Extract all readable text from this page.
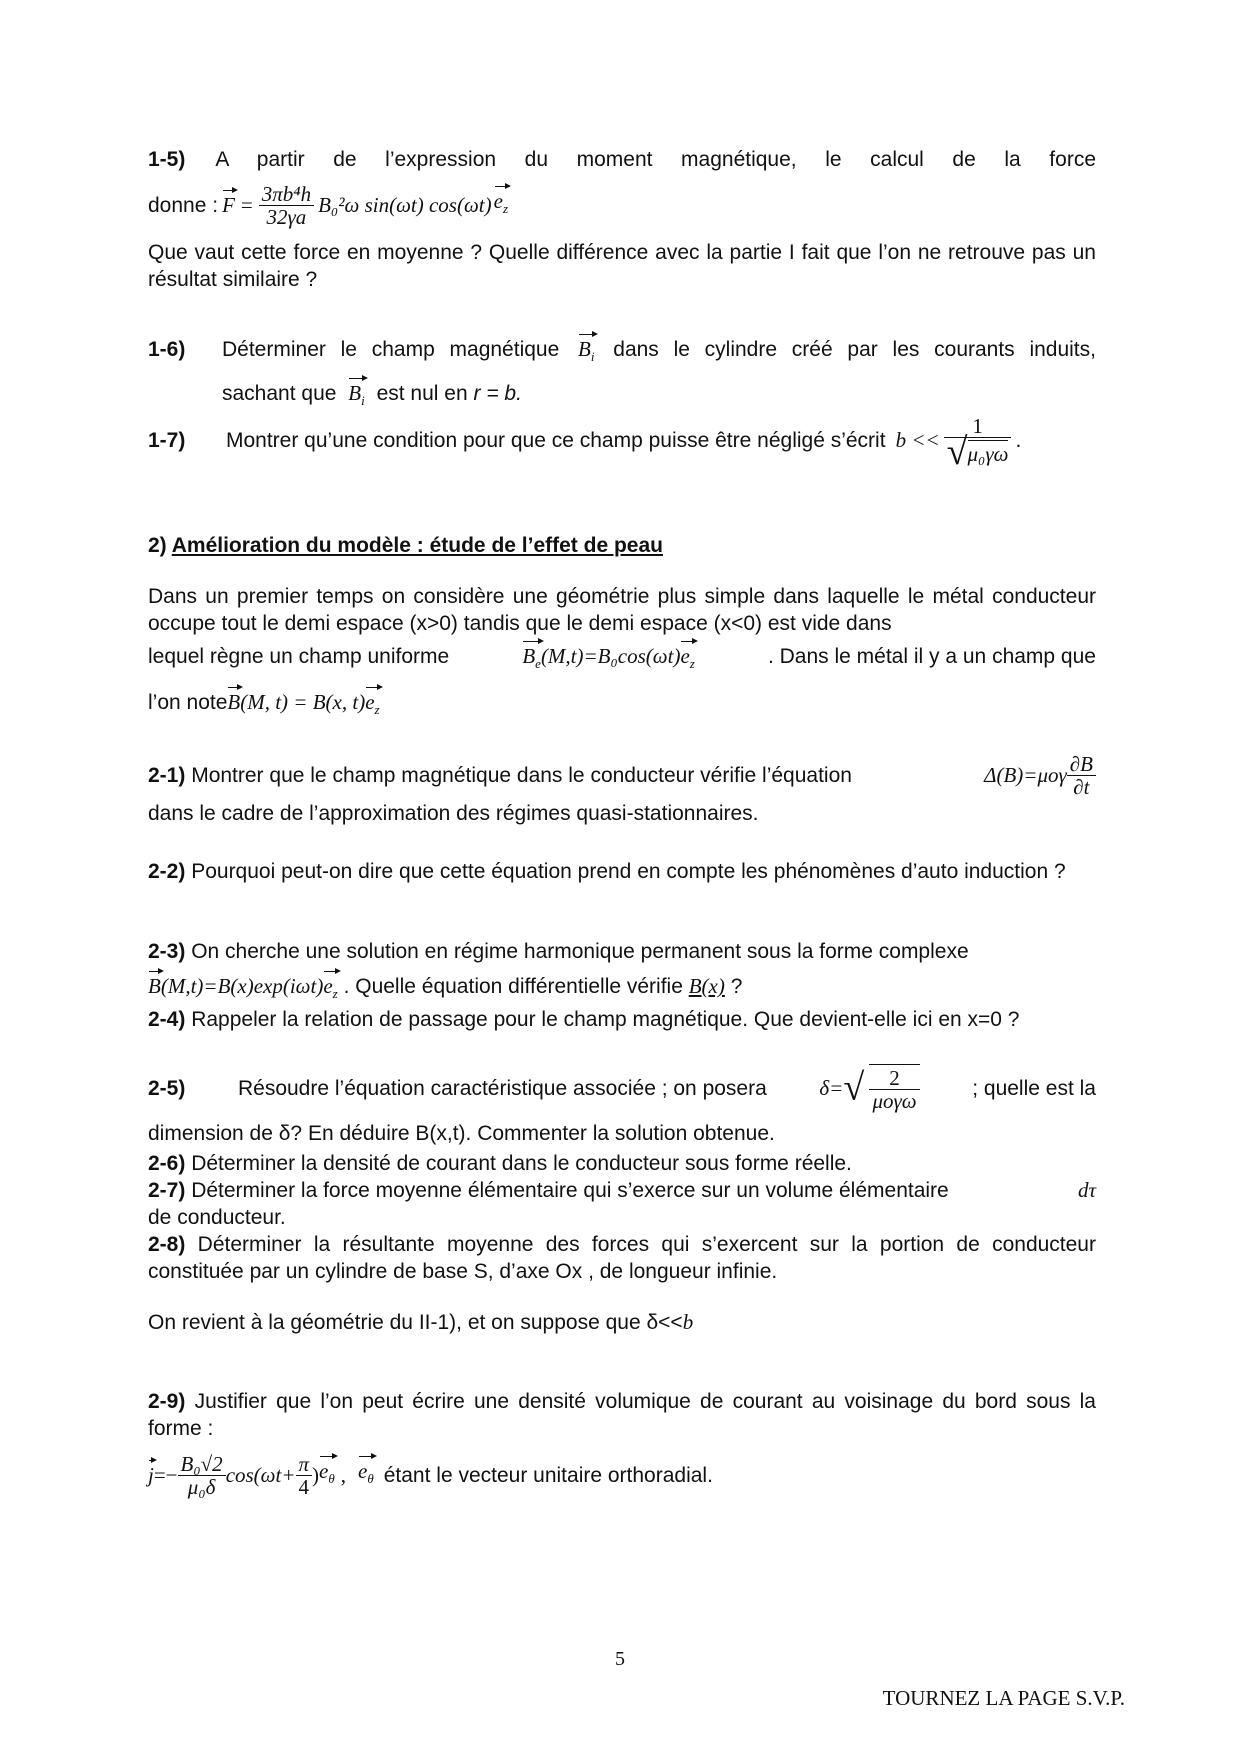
1-5) A partir de l’expression du moment magnétique, le calcul de la force
donne : $F = \frac{\text{3πb⁴h}}{32\gamma a} B_0^2\omega$ sin(ωt) cos(ωt) $e_z$
Que vaut cette force en moyenne ? Quelle différence avec la partie I fait que l’on ne retrouve pas un résultat similaire ?
1-6)	Déterminer le champ magnétique $B_i$ dans le cylindre créé par les courants induits,
sachant que $B_i$ est nul en r = b.
1-7)	Montrer qu’une condition pour que ce champ puisse être négligé s’écrit $b << \frac{1}{\text{√μ₀γω}}$ .
2) Amélioration du modèle : étude de l’effet de peau
Dans un premier temps on considère une géométrie plus simple dans laquelle le métal conducteur occupe tout le demi espace (x>0) tandis que le demi espace (x<0) est vide dans
lequel règne un champ uniforme	$B_e(M,t)=B_0\cos(\omega t)e_z$	. Dans le métal il y a un champ que
l’on noteB(M, t) = B(x, $t)e_z$
2-1) Montrer que le champ magnétique dans le conducteur vérifie l’équation	$\Delta(B)=\mu o\gamma \frac{\partial B}{\partial t}$
dans le cadre de l’approximation des régimes quasi-stationnaires.
2-2) Pourquoi peut-on dire que cette équation prend en compte les phénomènes d’auto induction ?
2-3) On cherche une solution en régime harmonique permanent sous la forme complexe
$B(M,t)=B(x)\exp(i\omega t)e_z$ . Quelle équation différentielle vérifie B(x) ?
2-4) Rappeler la relation de passage pour le champ magnétique. Que devient-elle ici en x=0 ?
2-5)	Résoudre l’équation caractéristique associée ; on posera	δ= √ $\frac{2}{\text{μoγω}}$	; quelle est la
dimension de δ? En déduire B(x,t). Commenter la solution obtenue.
2-6) Déterminer la densité de courant dans le conducteur sous forme réelle.
2-7) Déterminer la force moyenne élémentaire qui s’exerce sur un volume élémentaire	dτ
de conducteur.
2-8) Déterminer la résultante moyenne des forces qui s’exercent sur la portion de conducteur constituée par un cylindre de base S, d’axe Ox , de longueur infinie.
On revient à la géométrie du II-1), et on suppose que δ<<b
2-9) Justifier que l’on peut écrire une densité volumique de courant au voisinage du bord sous la forme :
$j =- \frac{\text{B₀√2}}{\text{μ₀δ}} \cos(\omega t+ \frac{\pi}{4}$ ) $e_\theta$ , $e_\theta$ étant le vecteur unitaire orthoradial.
5
TOURNEZ LA PAGE S.V.P.
